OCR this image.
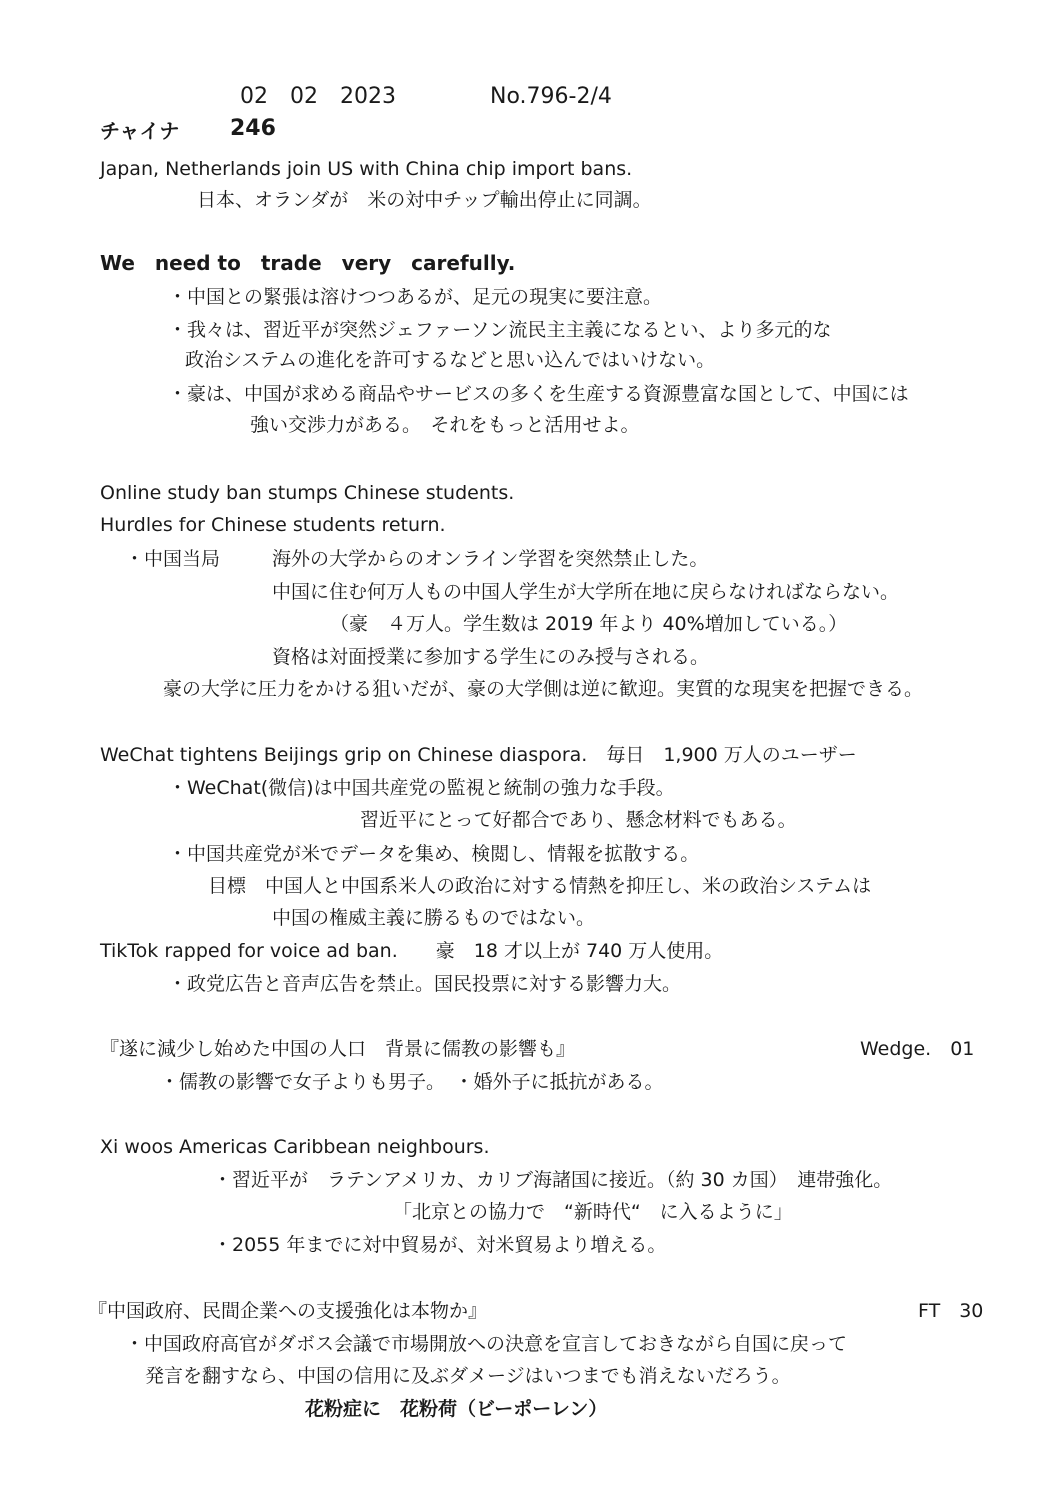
02　02　2023	No.796-2/4
チャイナ 246
Japan, Netherlands join US with China chip import bans.
日本、オランダが　米の対中チップ輸出停止に同調。
We　need to　trade　very　carefully.
・中国との緊張は溶けつつあるが、足元の現実に要注意。
・我々は、習近平が突然ジェファーソン流民主主義になるとい、より多元的な
政治システムの進化を許可するなどと思い込んではいけない。
・豪は、中国が求める商品やサービスの多くを生産する資源豊富な国として、中国には
強い交渉力がある。　それをもっと活用せよ。
Online study ban stumps Chinese students.
Hurdles for Chinese students return.
・中国当局	海外の大学からのオンライン学習を突然禁止した。
中国に住む何万人もの中国人学生が大学所在地に戻らなければならない。
（豪　４万人。学生数は 2019 年より 40%増加している。）
資格は対面授業に参加する学生にのみ授与される。
豪の大学に圧力をかける狙いだが、豪の大学側は逆に歓迎。実質的な現実を把握できる。
WeChat tightens Beijings grip on Chinese diaspora.　毎日　1,900 万人のユーザー
・WeChat(微信)は中国共産党の監視と統制の強力な手段。
習近平にとって好都合であり、懸念材料でもある。
・中国共産党が米でデータを集め、検閲し、情報を拡散する。
目標　中国人と中国系米人の政治に対する情熱を抑圧し、米の政治システムは
中国の権威主義に勝るものではない。
TikTok rapped for voice ad ban.　　豪　18 才以上が 740 万人使用。
・政党広告と音声広告を禁止。国民投票に対する影響力大。
『遂に減少し始めた中国の人口　背景に儒教の影響も』	Wedge.　01
・儒教の影響で女子よりも男子。　・婚外子に抵抗がある。
Xi woos Americas Caribbean neighbours.
・習近平が　ラテンアメリカ、カリブ海諸国に接近。（約 30 カ国）　連帯強化。
「北京との協力で　“新時代“　に入るように」
・2055 年までに対中貿易が、対米貿易より増える。
『中国政府、民間企業への支援強化は本物か』	FT　30
・中国政府高官がダボス会議で市場開放への決意を宣言しておきながら自国に戻って
発言を翻すなら、中国の信用に及ぶダメージはいつまでも消えないだろう。
花粉症に　花粉荷（ビーポーレン）
